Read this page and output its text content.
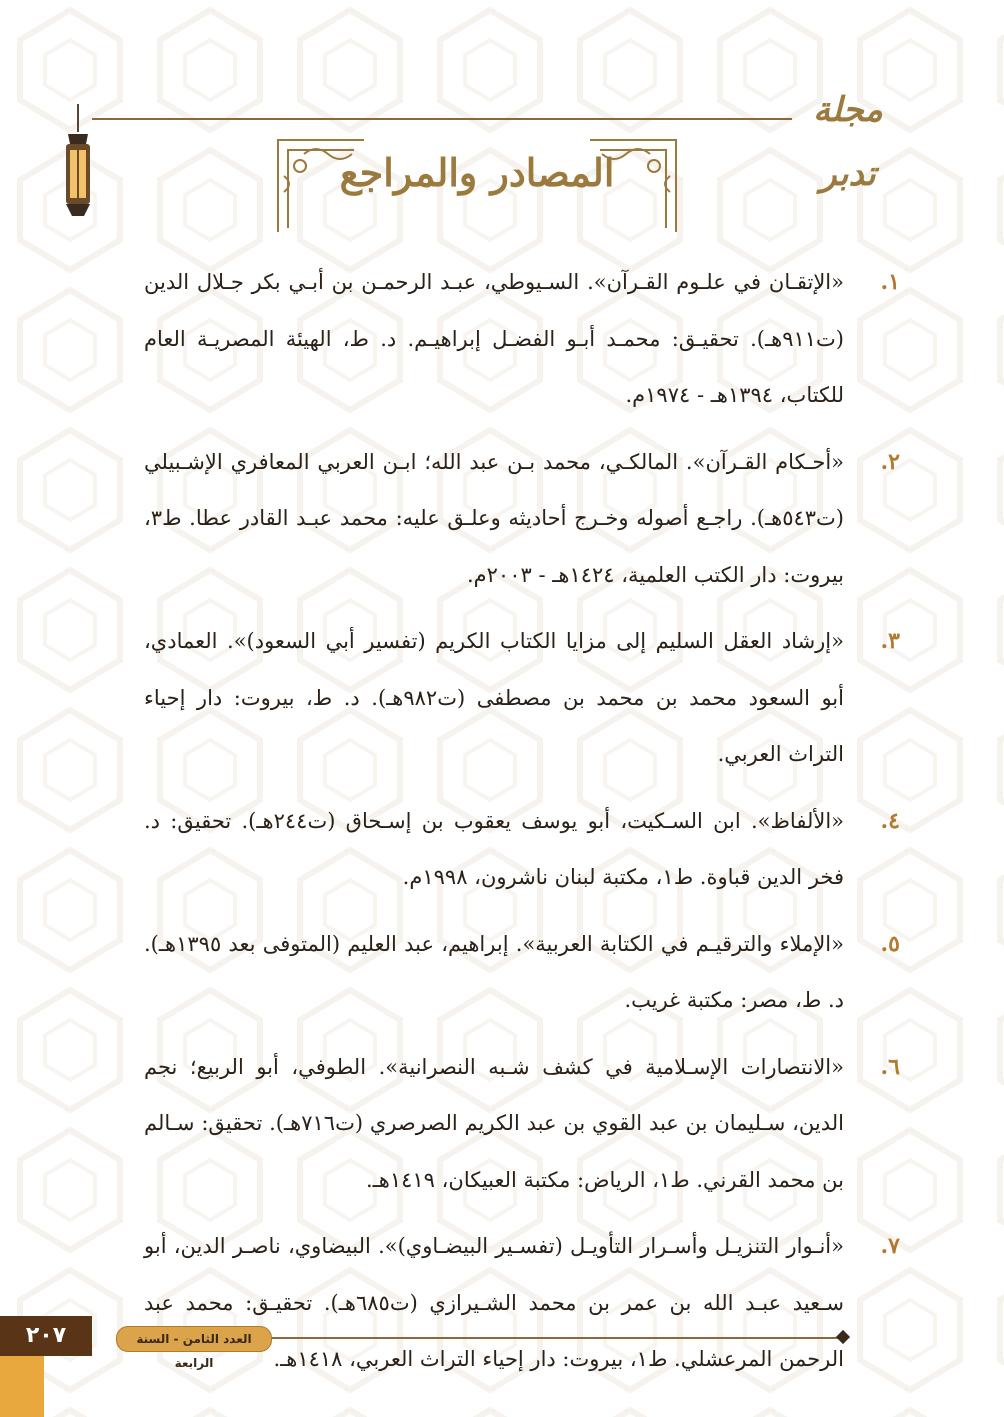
مجلة تدبر
المصادر والمراجع
١.
«الإتقـان في علـوم القـرآن». السـيوطي، عبـد الرحمـن بن أبـي بكر جـلال الدين (ت٩١١هـ). تحقيـق: محمـد أبـو الفضـل إبراهيـم. د. ط، الهيئة المصريـة العام للكتاب، ١٣٩٤هـ - ١٩٧٤م.
٢.
«أحـكام القـرآن». المالكـي، محمد بـن عبد الله؛ ابـن العربي المعافري الإشـبيلي (ت٥٤٣هـ). راجـع أصوله وخـرج أحاديثه وعلـق عليه: محمد عبـد القادر عطا. ط٣، بيروت: دار الكتب العلمية، ١٤٢٤هـ - ٢٠٠٣م.
٣.
«إرشاد العقل السليم إلى مزايا الكتاب الكريم (تفسير أبي السعود)». العمادي، أبو السعود محمد بن محمد بن مصطفى (ت٩٨٢هـ). د. ط، بيروت: دار إحياء التراث العربي.
٤.
«الألفاظ». ابن السـكيت، أبو يوسف يعقوب بن إسـحاق (ت٢٤٤هـ). تحقيق: د. فخر الدين قباوة. ط١، مكتبة لبنان ناشرون، ١٩٩٨م.
٥.
«الإملاء والترقيـم في الكتابة العربية». إبراهيم، عبد العليم (المتوفى بعد ١٣٩٥هـ). د. ط، مصر: مكتبة غريب.
٦.
«الانتصارات الإسـلامية في كشف شـبه النصرانية». الطوفي، أبو الربيع؛ نجم الدين، سـليمان بن عبد القوي بن عبد الكريم الصرصري (ت٧١٦هـ). تحقيق: سـالم بن محمد القرني. ط١، الرياض: مكتبة العبيكان، ١٤١٩هـ.
٧.
«أنـوار التنزيـل وأسـرار التأويـل (تفسـير البيضـاوي)». البيضاوي، ناصـر الدين، أبو سـعيد عبـد الله بن عمر بن محمد الشـيرازي (ت٦٨٥هـ). تحقيـق: محمد عبد الرحمن المرعشلي. ط١، بيروت: دار إحياء التراث العربي، ١٤١٨هـ.
العدد الثامن - السنة الرابعة
٢٠٧
